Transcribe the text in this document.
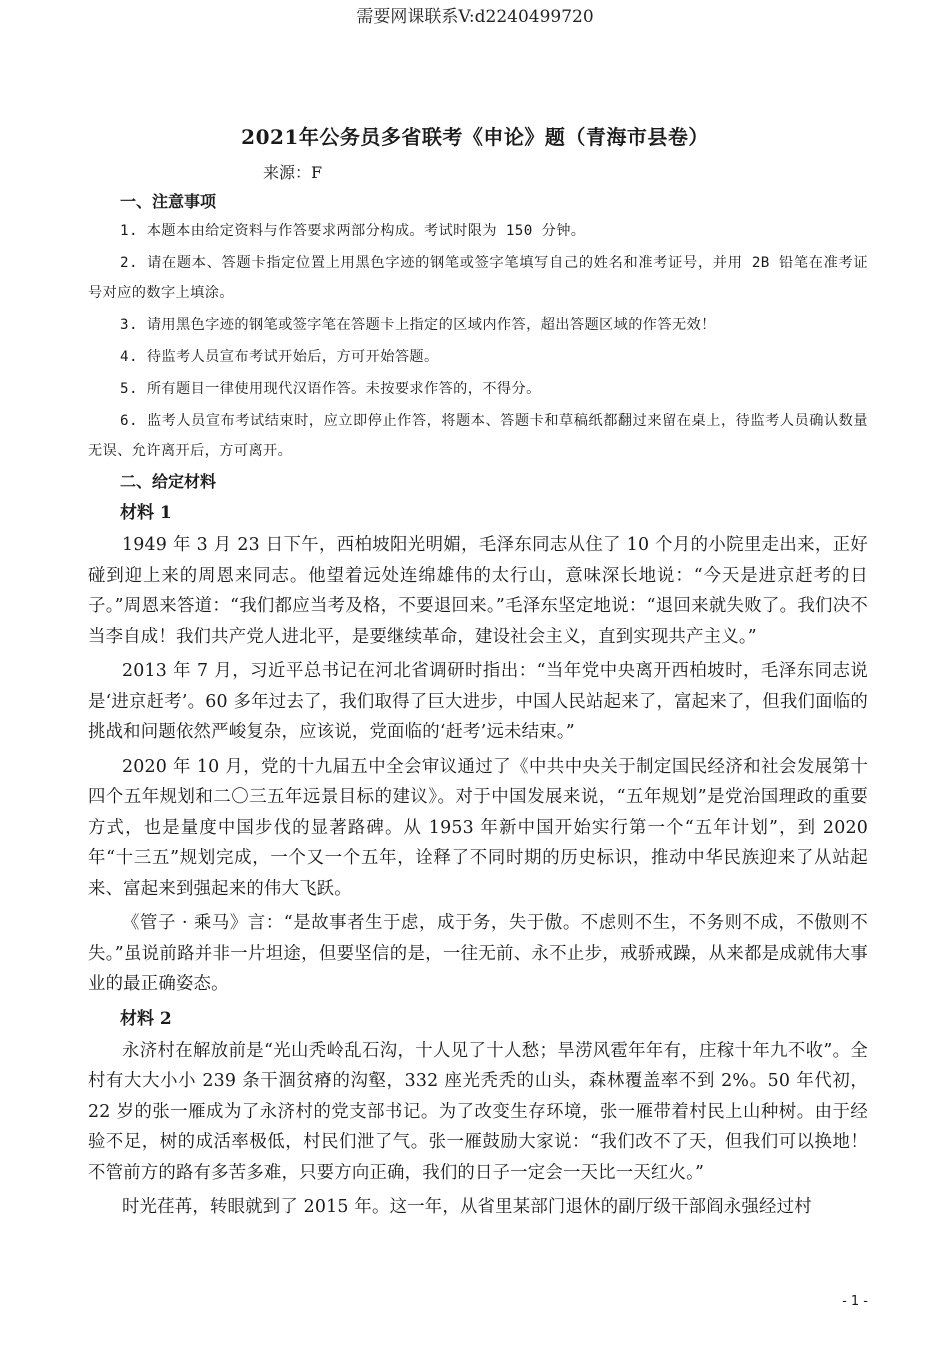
需要网课联系V:d2240499720
2021年公务员多省联考《申论》题（青海市县卷）
来源：F
一、注意事项

1. 本题本由给定资料与作答要求两部分构成。考试时限为 150 分钟。

2. 请在题本、答题卡指定位置上用黑色字迹的钢笔或签字笔填写自己的姓名和准考证号，并用 2B 铅笔在准考证号对应的数字上填涂。

3. 请用黑色字迹的钢笔或签字笔在答题卡上指定的区域内作答，超出答题区域的作答无效！

4. 待监考人员宣布考试开始后，方可开始答题。

5. 所有题目一律使用现代汉语作答。未按要求作答的，不得分。

6. 监考人员宣布考试结束时，应立即停止作答，将题本、答题卡和草稿纸都翻过来留在桌上，待监考人员确认数量无误、允许离开后，方可离开。

二、给定材料
材料 1

1949 年 3 月 23 日下午，西柏坡阳光明媚，毛泽东同志从住了 10 个月的小院里走出来，正好碰到迎上来的周恩来同志。他望着远处连绵雄伟的太行山，意味深长地说：“今天是进京赶考的日子。”周恩来答道：“我们都应当考及格，不要退回来。”毛泽东坚定地说：“退回来就失败了。我们决不当李自成！我们共产党人进北平，是要继续革命，建设社会主义，直到实现共产主义。”

2013 年 7 月，习近平总书记在河北省调研时指出：“当年党中央离开西柏坡时，毛泽东同志说是‘进京赶考’。60 多年过去了，我们取得了巨大进步，中国人民站起来了，富起来了，但我们面临的挑战和问题依然严峻复杂，应该说，党面临的‘赶考’远未结束。”

2020 年 10 月，党的十九届五中全会审议通过了《中共中央关于制定国民经济和社会发展第十四个五年规划和二〇三五年远景目标的建议》。对于中国发展来说，“五年规划”是党治国理政的重要方式，也是量度中国步伐的显著路碑。从 1953 年新中国开始实行第一个“五年计划”，到 2020 年“十三五”规划完成，一个又一个五年，诠释了不同时期的历史标识，推动中华民族迎来了从站起来、富起来到强起来的伟大飞跃。

《管子 · 乘马》言：“是故事者生于虑，成于务，失于傲。不虑则不生，不务则不成，不傲则不失。”虽说前路并非一片坦途，但要坚信的是，一往无前、永不止步，戒骄戒躁，从来都是成就伟大事业的最正确姿态。

材料 2

永济村在解放前是“光山秃岭乱石沟，十人见了十人愁；旱涝风雹年年有，庄稼十年九不收”。全村有大大小小 239 条干涸贫瘠的沟壑，332 座光秃秃的山头，森林覆盖率不到 2%。50 年代初，22 岁的张一雁成为了永济村的党支部书记。为了改变生存环境，张一雁带着村民上山种树。由于经验不足，树的成活率极低，村民们泄了气。张一雁鼓励大家说：“我们改不了天，但我们可以换地！不管前方的路有多苦多难，只要方向正确，我们的日子一定会一天比一天红火。”

时光荏苒，转眼就到了 2015 年。这一年，从省里某部门退休的副厅级干部阎永强经过村

- 1 -
